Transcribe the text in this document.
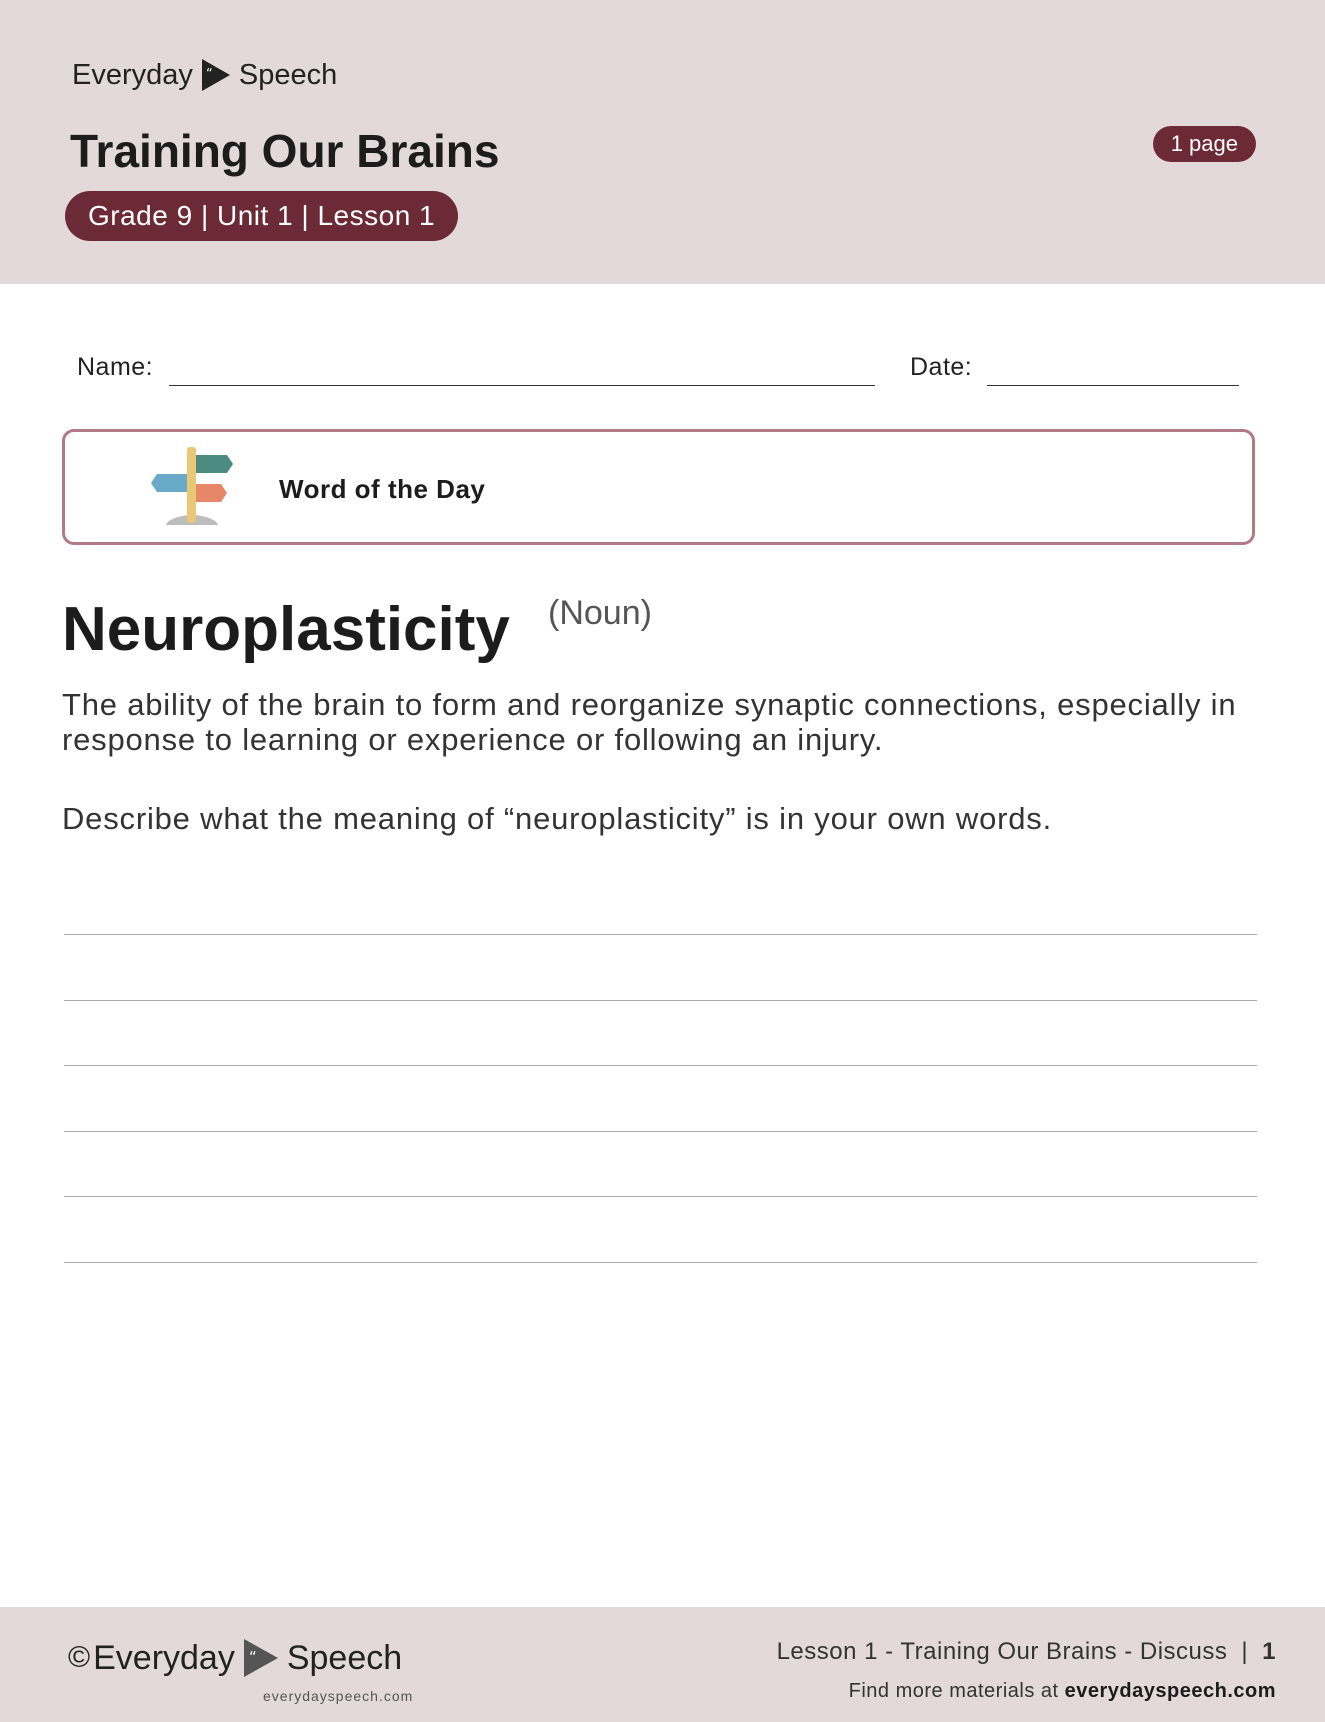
Everyday “ Speech
Training Our Brains
Grade 9 | Unit 1 | Lesson 1
1 page
Name:	Date:
Word of the Day
Neuroplasticity (Noun)

The ability of the brain to form and reorganize synaptic connections, especially in response to learning or experience or following an injury.

Describe what the meaning of “neuroplasticity” is in your own words.

© Everyday “ Speech
everydayspeech.com
Lesson 1 - Training Our Brains - Discuss | 1
Find more materials at everydayspeech.com
